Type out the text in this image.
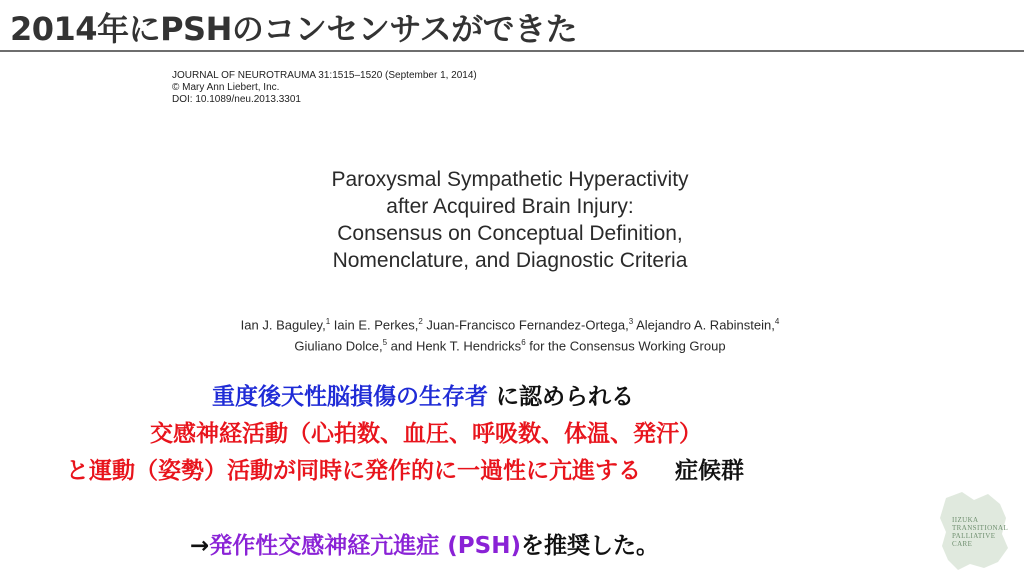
2014年にPSHのコンセンサスができた
JOURNAL OF NEUROTRAUMA 31:1515–1520 (September 1, 2014)
© Mary Ann Liebert, Inc.
DOI: 10.1089/neu.2013.3301
Paroxysmal Sympathetic Hyperactivity
after Acquired Brain Injury:
Consensus on Conceptual Definition,
Nomenclature, and Diagnostic Criteria
Ian J. Baguley,$^1$ Iain E. Perkes,$^2$ Juan-Francisco Fernandez-Ortega,$^3$ Alejandro A. Rabinstein,$^4$
Giuliano Dolce,$^5$ and Henk T. Hendricks$^6$ for the Consensus Working Group
重度後天性脳損傷の生存者 に認められる
交感神経活動（心拍数、血圧、呼吸数、体温、発汗）
と運動（姿勢）活動が同時に発作的に一過性に亢進する 症候群
→発作性交感神経亢進症 (PSH)を推奨した。
IIZUKA
TRANSITIONAL
PALLIATIVE
CARE
